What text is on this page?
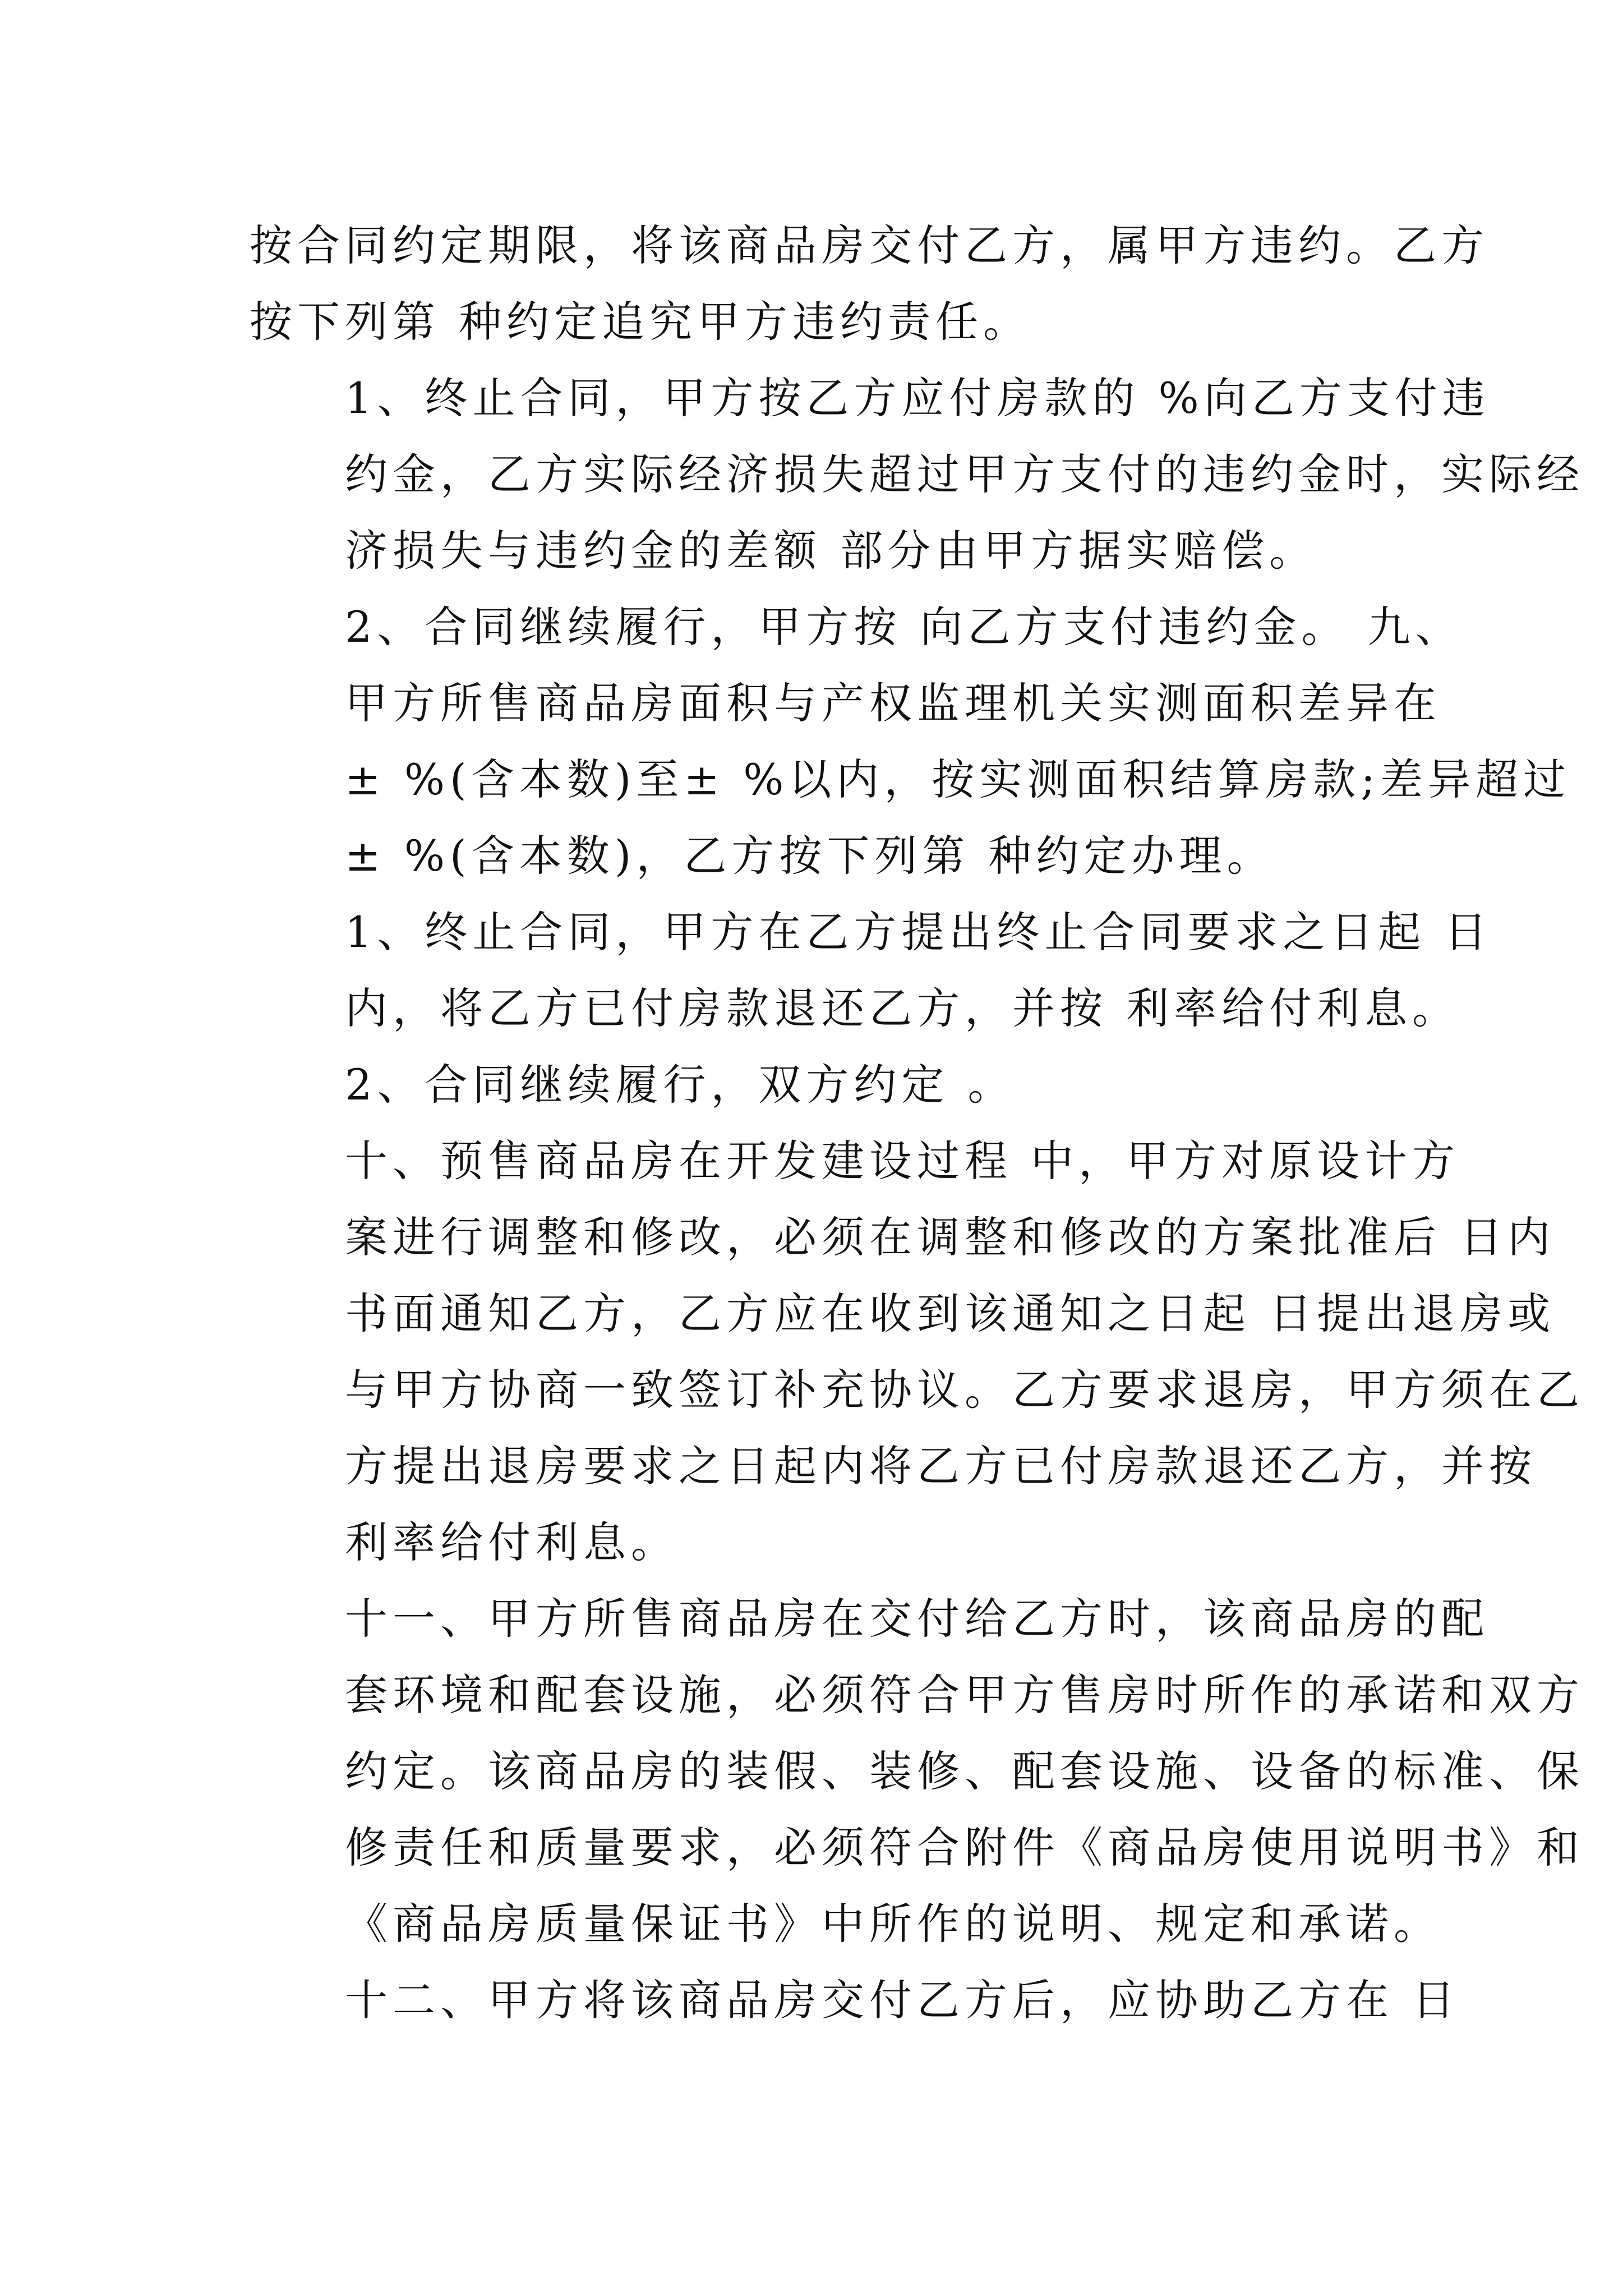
按合同约定期限，将该商品房交付乙方，属甲方违约。乙方
按下列第 种约定追究甲方违约责任。

1、终止合同，甲方按乙方应付房款的 %向乙方支付违
约金，乙方实际经济损失超过甲方支付的违约金时，实际经
济损失与违约金的差额 部分由甲方据实赔偿。

2、合同继续履行，甲方按 向乙方支付违约金。 九、
甲方所售商品房面积与产权监理机关实测面积差异在
± %(含本数)至± %以内，按实测面积结算房款;差异超过
± %(含本数)，乙方按下列第 种约定办理。

1、终止合同，甲方在乙方提出终止合同要求之日起 日
内，将乙方已付房款退还乙方，并按 利率给付利息。

2、合同继续履行，双方约定 。

十、预售商品房在开发建设过程 中，甲方对原设计方
案进行调整和修改，必须在调整和修改的方案批准后 日内
书面通知乙方，乙方应在收到该通知之日起 日提出退房或
与甲方协商一致签订补充协议。乙方要求退房，甲方须在乙
方提出退房要求之日起内将乙方已付房款退还乙方，并按
利率给付利息。

十一、甲方所售商品房在交付给乙方时，该商品房的配
套环境和配套设施，必须符合甲方售房时所作的承诺和双方
约定。该商品房的装假、装修、配套设施、设备的标准、保
修责任和质量要求，必须符合附件《商品房使用说明书》和
《商品房质量保证书》中所作的说明、规定和承诺。

十二、甲方将该商品房交付乙方后，应协助乙方在 日
